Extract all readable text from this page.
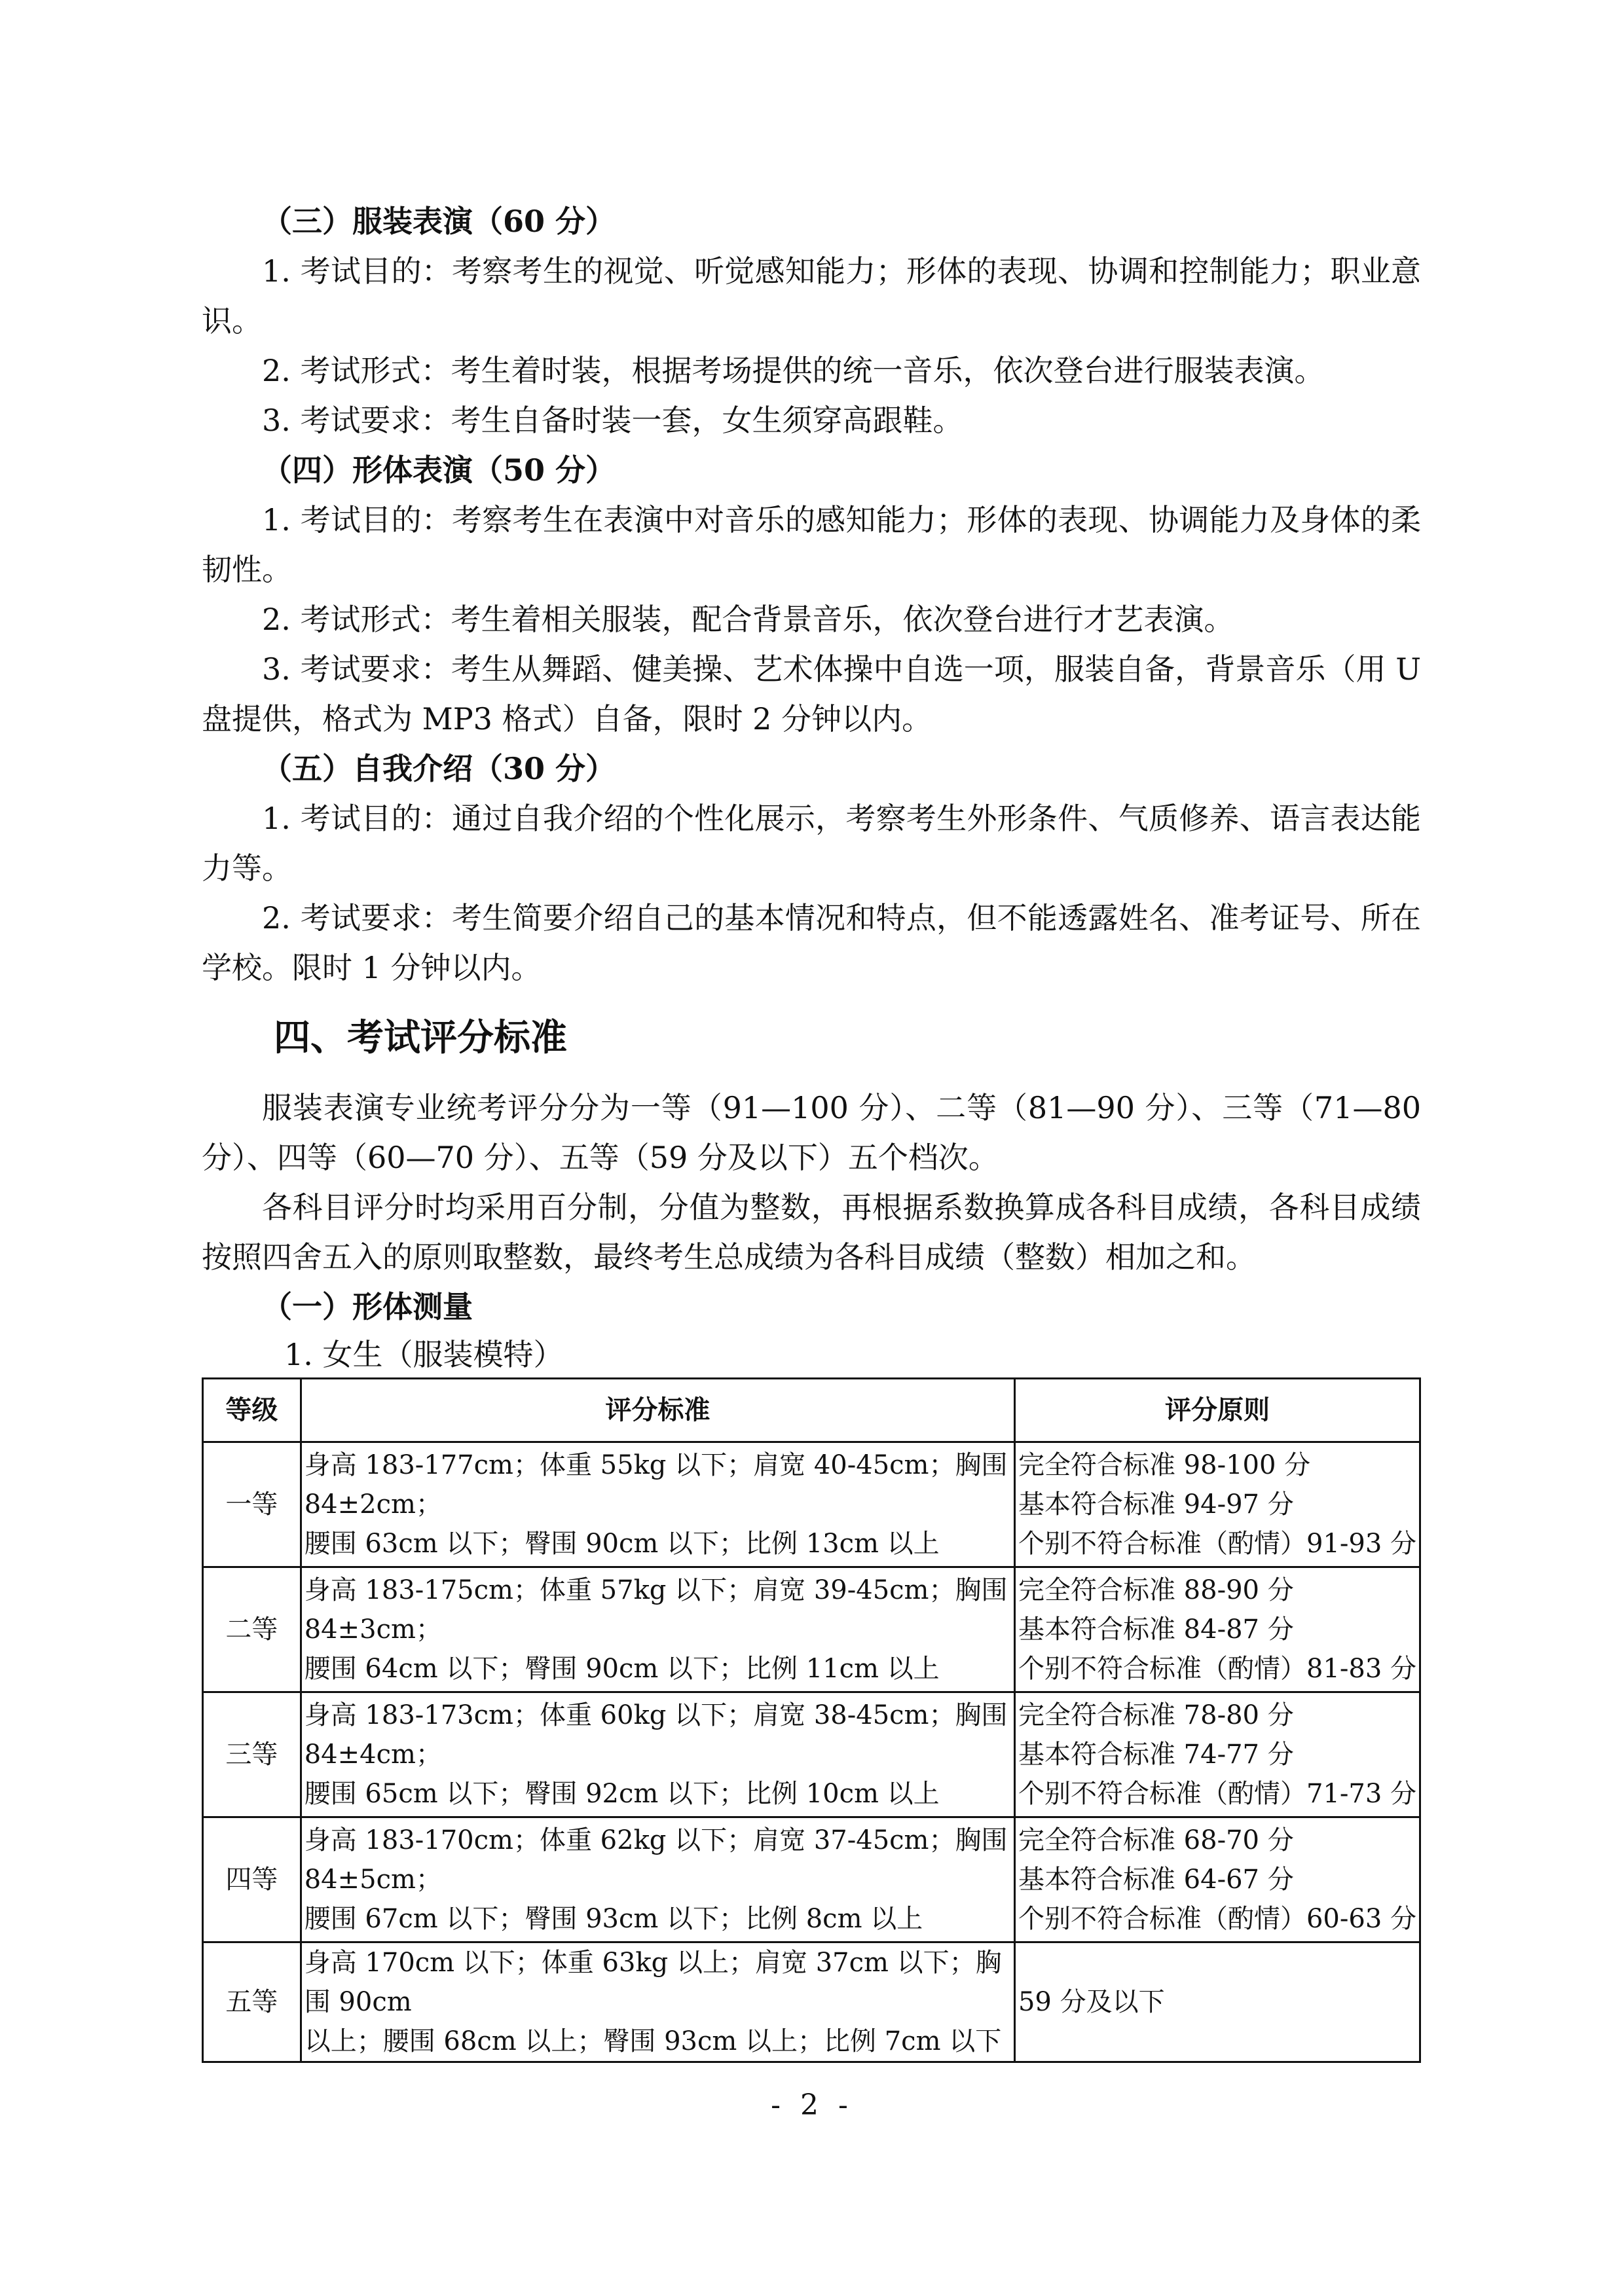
（三）服装表演（60 分）

1. 考试目的：考察考生的视觉、听觉感知能力；形体的表现、协调和控制能力；职业意识。

2. 考试形式：考生着时装，根据考场提供的统一音乐，依次登台进行服装表演。

3. 考试要求：考生自备时装一套，女生须穿高跟鞋。

（四）形体表演（50 分）

1. 考试目的：考察考生在表演中对音乐的感知能力；形体的表现、协调能力及身体的柔韧性。

2. 考试形式：考生着相关服装，配合背景音乐，依次登台进行才艺表演。

3. 考试要求：考生从舞蹈、健美操、艺术体操中自选一项，服装自备，背景音乐（用 U 盘提供，格式为 MP3 格式）自备，限时 2 分钟以内。

（五）自我介绍（30 分）

1. 考试目的：通过自我介绍的个性化展示，考察考生外形条件、气质修养、语言表达能力等。

2. 考试要求：考生简要介绍自己的基本情况和特点，但不能透露姓名、准考证号、所在学校。限时 1 分钟以内。

四、考试评分标准

服装表演专业统考评分分为一等（91—100 分）、二等（81—90 分）、三等（71—80 分）、四等（60—70 分）、五等（59 分及以下）五个档次。

各科目评分时均采用百分制，分值为整数，再根据系数换算成各科目成绩，各科目成绩按照四舍五入的原则取整数，最终考生总成绩为各科目成绩（整数）相加之和。

（一）形体测量

1. 女生（服装模特）

等级	评分标准	评分原则
一等	身高 183-177cm；体重 55kg 以下；肩宽 40-45cm；胸围 84±2cm；
腰围 63cm 以下；臀围 90cm 以下；比例 13cm 以上	完全符合标准 98-100 分
基本符合标准 94-97 分
个别不符合标准（酌情）91-93 分

二等	身高 183-175cm；体重 57kg 以下；肩宽 39-45cm；胸围 84±3cm；
腰围 64cm 以下；臀围 90cm 以下；比例 11cm 以上	完全符合标准 88-90 分
基本符合标准 84-87 分
个别不符合标准（酌情）81-83 分

三等	身高 183-173cm；体重 60kg 以下；肩宽 38-45cm；胸围 84±4cm；
腰围 65cm 以下；臀围 92cm 以下；比例 10cm 以上	完全符合标准 78-80 分
基本符合标准 74-77 分
个别不符合标准（酌情）71-73 分

四等	身高 183-170cm；体重 62kg 以下；肩宽 37-45cm；胸围 84±5cm；
腰围 67cm 以下；臀围 93cm 以下；比例 8cm 以上	完全符合标准 68-70 分
基本符合标准 64-67 分
个别不符合标准（酌情）60-63 分

五等	身高 170cm 以下；体重 63kg 以上；肩宽 37cm 以下；胸围 90cm
以上；腰围 68cm 以上；臀围 93cm 以上；比例 7cm 以下	59 分及以下
- 2 -
